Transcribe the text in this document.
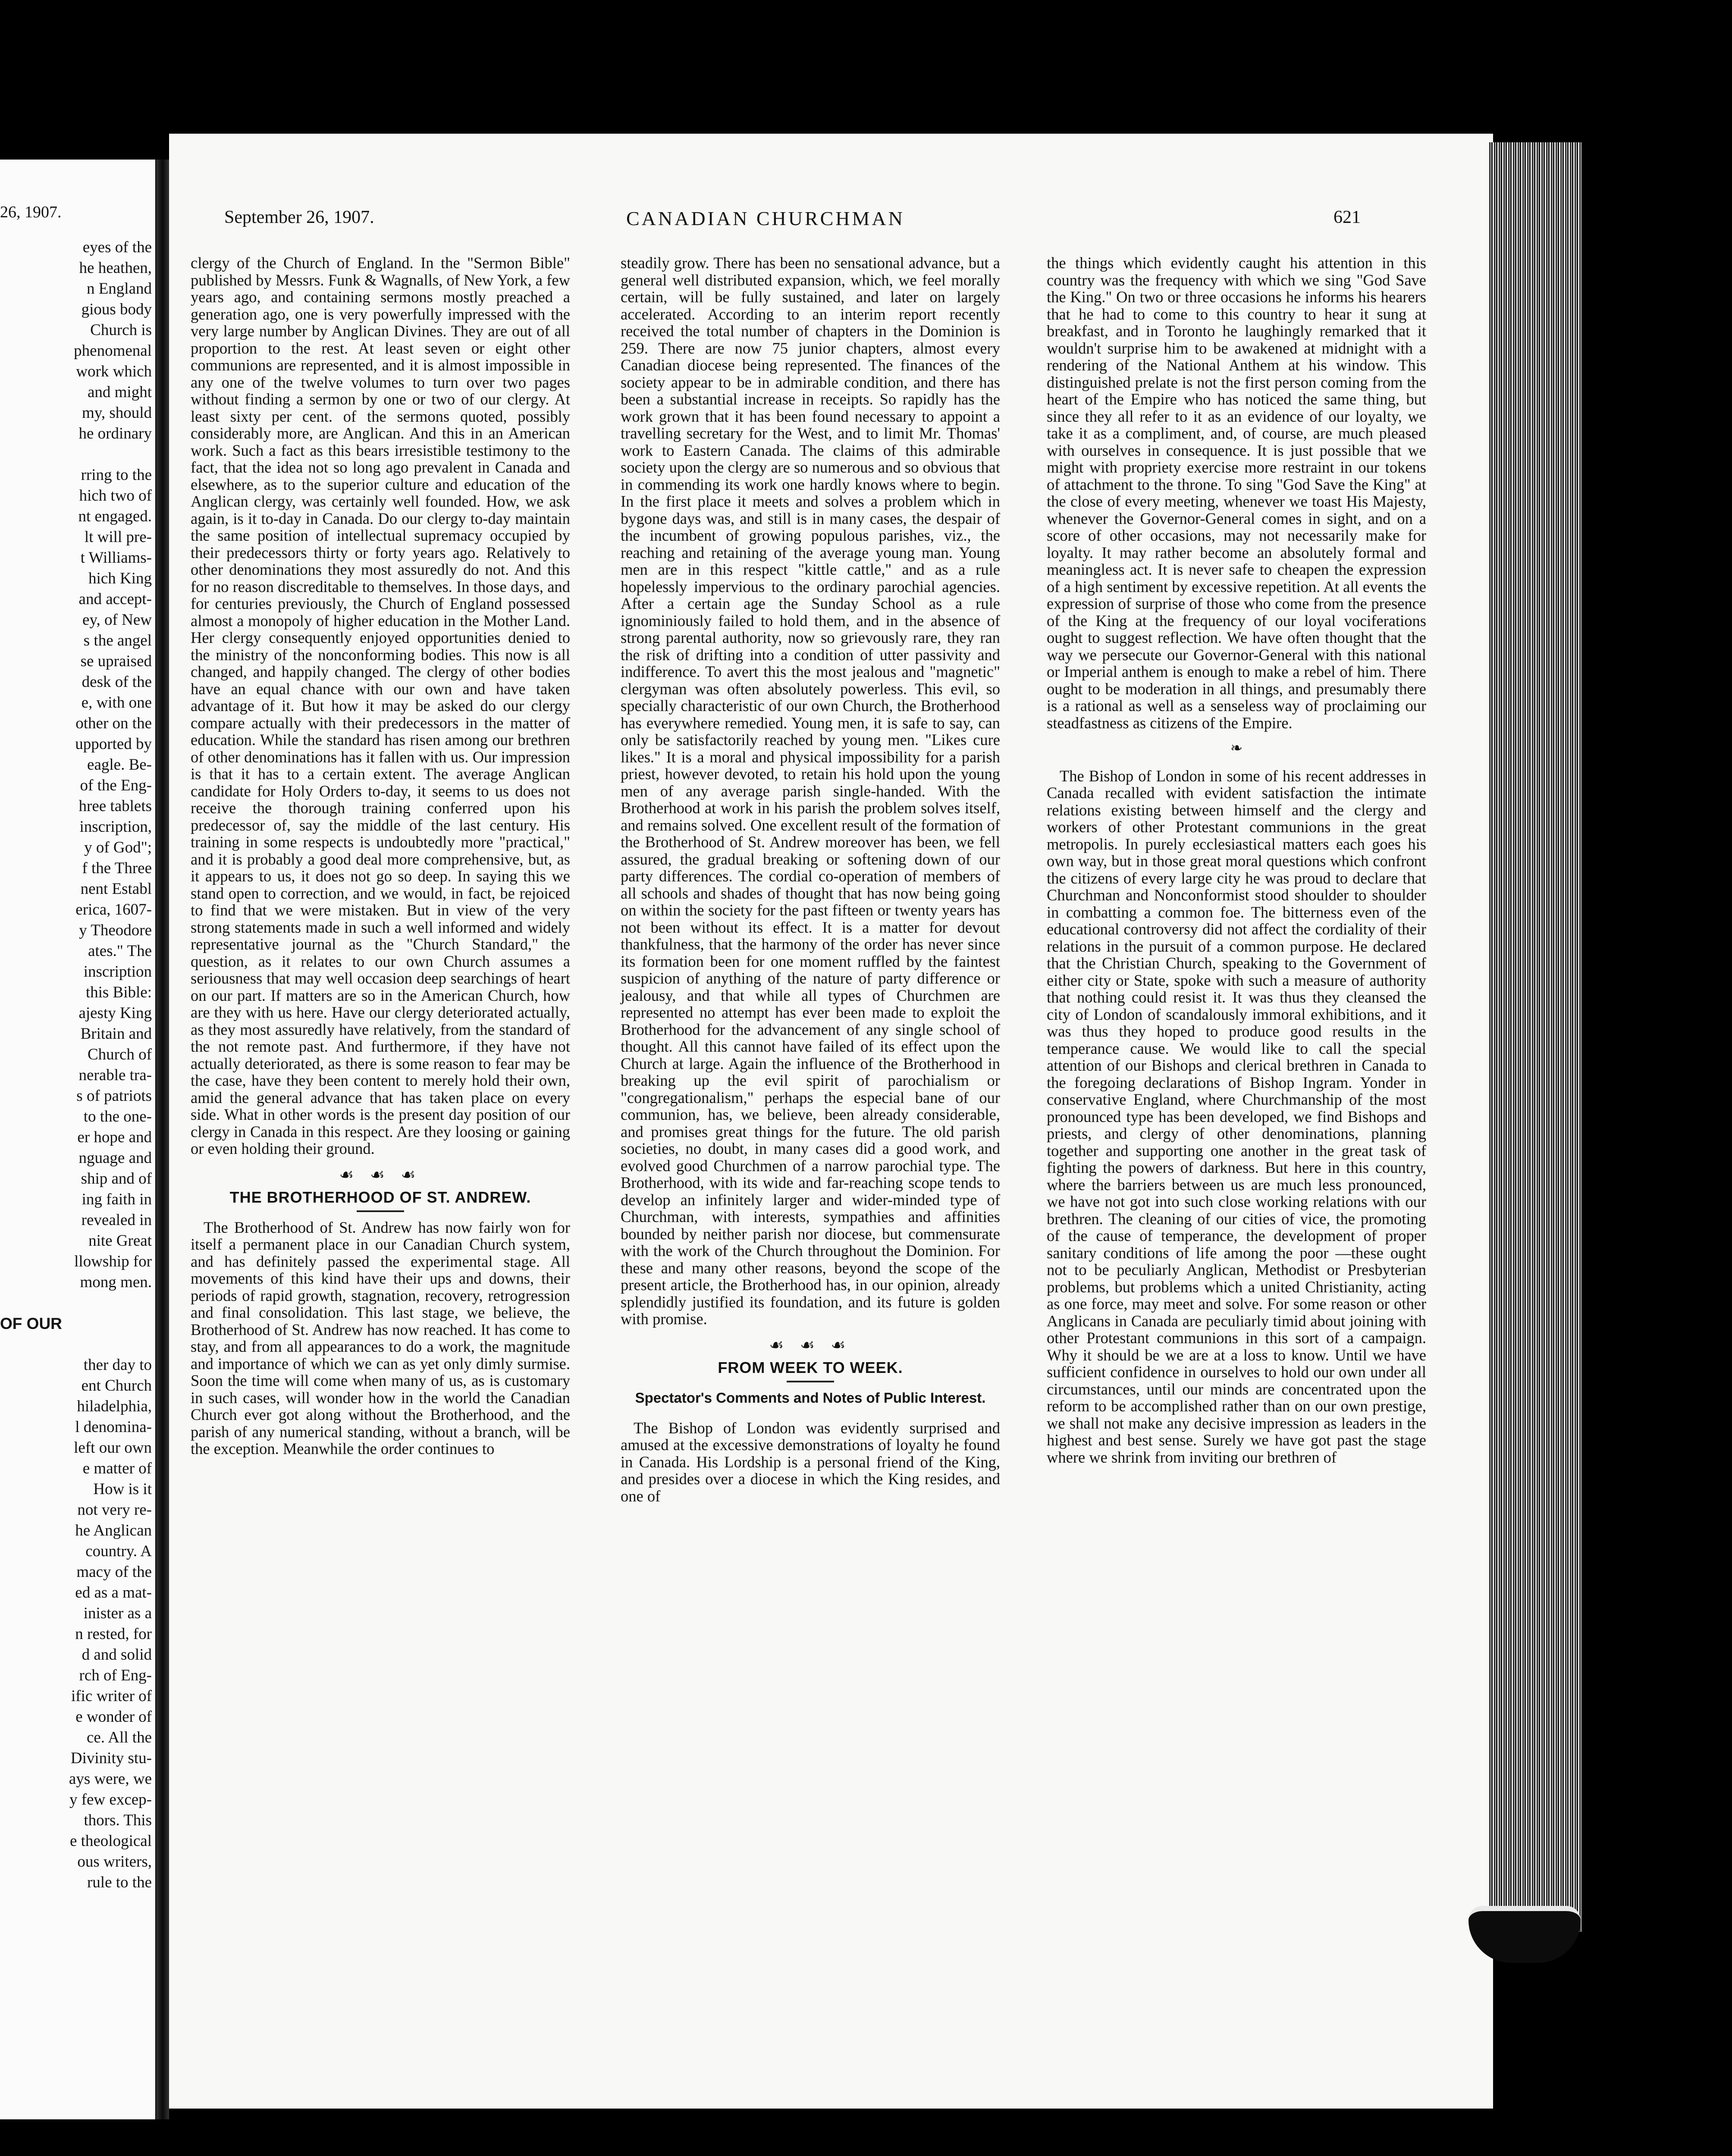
26, 1907.
eyes of the
he heathen,
n England
gious body
Church is
phenomenal
work which
and might
my, should
he ordinary
rring to the
hich two of
nt engaged.
lt will pre-
t Williams-
hich King
and accept-
ey, of New
s the angel
se upraised
desk of the
e, with one
other on the
upported by
eagle. Be-
of the Eng-
hree tablets
inscription,
y of God";
f the Three
nent Establ
erica, 1607-
y Theodore
ates." The
inscription
this Bible:
ajesty King
Britain and
Church of
nerable tra-
s of patriots
to the one-
er hope and
nguage and
ship and of
ing faith in
revealed in
nite Great
llowship for
mong men.
OF OUR
ther day to
ent Church
hiladelphia,
l denomina-
left our own
e matter of
How is it
not very re-
he Anglican
country. A
macy of the
ed as a mat-
inister as a
n rested, for
d and solid
rch of Eng-
ific writer of
e wonder of
ce. All the
Divinity stu-
ays were, we
y few excep-
thors. This
e theological
ous writers,
rule to the
September 26, 1907.	CANADIAN CHURCHMAN	621

clergy of the Church of England. In the "Sermon Bible" published by Messrs. Funk & Wagnalls, of New York, a few years ago, and containing sermons mostly preached a generation ago, one is very powerfully impressed with the very large number by Anglican Divines. They are out of all proportion to the rest. At least seven or eight other communions are represented, and it is almost impossible in any one of the twelve volumes to turn over two pages without finding a sermon by one or two of our clergy. At least sixty per cent. of the sermons quoted, possibly considerably more, are Anglican. And this in an American work. Such a fact as this bears irresistible testimony to the fact, that the idea not so long ago prevalent in Canada and elsewhere, as to the superior culture and education of the Anglican clergy, was certainly well founded. How, we ask again, is it to-day in Canada. Do our clergy to-day maintain the same position of intellectual supremacy occupied by their predecessors thirty or forty years ago. Relatively to other denominations they most assuredly do not. And this for no reason discreditable to themselves. In those days, and for centuries previously, the Church of England possessed almost a monopoly of higher education in the Mother Land. Her clergy consequently enjoyed opportunities denied to the ministry of the nonconforming bodies. This now is all changed, and happily changed. The clergy of other bodies have an equal chance with our own and have taken advantage of it. But how it may be asked do our clergy compare actually with their predecessors in the matter of education. While the standard has risen among our brethren of other denominations has it fallen with us. Our impression is that it has to a certain extent. The average Anglican candidate for Holy Orders to-day, it seems to us does not receive the thorough training conferred upon his predecessor of, say the middle of the last century. His training in some respects is undoubtedly more "practical," and it is probably a good deal more comprehensive, but, as it appears to us, it does not go so deep. In saying this we stand open to correction, and we would, in fact, be rejoiced to find that we were mistaken. But in view of the very strong statements made in such a well informed and widely representative journal as the "Church Standard," the question, as it relates to our own Church assumes a seriousness that may well occasion deep searchings of heart on our part. If matters are so in the American Church, how are they with us here. Have our clergy deteriorated actually, as they most assuredly have relatively, from the standard of the not remote past. And furthermore, if they have not actually deteriorated, as there is some reason to fear may be the case, have they been content to merely hold their own, amid the general advance that has taken place on every side. What in other words is the present day position of our clergy in Canada in this respect. Are they loosing or gaining or even holding their ground.

☙ ☙ ☙
THE BROTHERHOOD OF ST. ANDREW.

The Brotherhood of St. Andrew has now fairly won for itself a permanent place in our Canadian Church system, and has definitely passed the experimental stage. All movements of this kind have their ups and downs, their periods of rapid growth, stagnation, recovery, retrogression and final consolidation. This last stage, we believe, the Brotherhood of St. Andrew has now reached. It has come to stay, and from all appearances to do a work, the magnitude and importance of which we can as yet only dimly surmise. Soon the time will come when many of us, as is customary in such cases, will wonder how in the world the Canadian Church ever got along without the Brotherhood, and the parish of any numerical standing, without a branch, will be the exception. Meanwhile the order continues to

steadily grow. There has been no sensational advance, but a general well distributed expansion, which, we feel morally certain, will be fully sustained, and later on largely accelerated. According to an interim report recently received the total number of chapters in the Dominion is 259. There are now 75 junior chapters, almost every Canadian diocese being represented. The finances of the society appear to be in admirable condition, and there has been a substantial increase in receipts. So rapidly has the work grown that it has been found necessary to appoint a travelling secretary for the West, and to limit Mr. Thomas' work to Eastern Canada. The claims of this admirable society upon the clergy are so numerous and so obvious that in commending its work one hardly knows where to begin. In the first place it meets and solves a problem which in bygone days was, and still is in many cases, the despair of the incumbent of growing populous parishes, viz., the reaching and retaining of the average young man. Young men are in this respect "kittle cattle," and as a rule hopelessly impervious to the ordinary parochial agencies. After a certain age the Sunday School as a rule ignominiously failed to hold them, and in the absence of strong parental authority, now so grievously rare, they ran the risk of drifting into a condition of utter passivity and indifference. To avert this the most jealous and "magnetic" clergyman was often absolutely powerless. This evil, so specially characteristic of our own Church, the Brotherhood has everywhere remedied. Young men, it is safe to say, can only be satisfactorily reached by young men. "Likes cure likes." It is a moral and physical impossibility for a parish priest, however devoted, to retain his hold upon the young men of any average parish single-handed. With the Brotherhood at work in his parish the problem solves itself, and remains solved. One excellent result of the formation of the Brotherhood of St. Andrew moreover has been, we fell assured, the gradual breaking or softening down of our party differences. The cordial co-operation of members of all schools and shades of thought that has now being going on within the society for the past fifteen or twenty years has not been without its effect. It is a matter for devout thankfulness, that the harmony of the order has never since its formation been for one moment ruffled by the faintest suspicion of anything of the nature of party difference or jealousy, and that while all types of Churchmen are represented no attempt has ever been made to exploit the Brotherhood for the advancement of any single school of thought. All this cannot have failed of its effect upon the Church at large. Again the influence of the Brotherhood in breaking up the evil spirit of parochialism or "congregationalism," perhaps the especial bane of our communion, has, we believe, been already considerable, and promises great things for the future. The old parish societies, no doubt, in many cases did a good work, and evolved good Churchmen of a narrow parochial type. The Brotherhood, with its wide and far-reaching scope tends to develop an infinitely larger and wider-minded type of Churchman, with interests, sympathies and affinities bounded by neither parish nor diocese, but commensurate with the work of the Church throughout the Dominion. For these and many other reasons, beyond the scope of the present article, the Brotherhood has, in our opinion, already splendidly justified its foundation, and its future is golden with promise.

☙ ☙ ☙
FROM WEEK TO WEEK.
Spectator's Comments and Notes of Public Interest.

The Bishop of London was evidently surprised and amused at the excessive demonstrations of loyalty he found in Canada. His Lordship is a personal friend of the King, and presides over a diocese in which the King resides, and one of

the things which evidently caught his attention in this country was the frequency with which we sing "God Save the King." On two or three occasions he informs his hearers that he had to come to this country to hear it sung at breakfast, and in Toronto he laughingly remarked that it wouldn't surprise him to be awakened at midnight with a rendering of the National Anthem at his window. This distinguished prelate is not the first person coming from the heart of the Empire who has noticed the same thing, but since they all refer to it as an evidence of our loyalty, we take it as a compliment, and, of course, are much pleased with ourselves in consequence. It is just possible that we might with propriety exercise more restraint in our tokens of attachment to the throne. To sing "God Save the King" at the close of every meeting, whenever we toast His Majesty, whenever the Governor-General comes in sight, and on a score of other occasions, may not necessarily make for loyalty. It may rather become an absolutely formal and meaningless act. It is never safe to cheapen the expression of a high sentiment by excessive repetition. At all events the expression of surprise of those who come from the presence of the King at the frequency of our loyal vociferations ought to suggest reflection. We have often thought that the way we persecute our Governor-General with this national or Imperial anthem is enough to make a rebel of him. There ought to be moderation in all things, and presumably there is a rational as well as a senseless way of proclaiming our steadfastness as citizens of the Empire.

❧

The Bishop of London in some of his recent addresses in Canada recalled with evident satisfaction the intimate relations existing between himself and the clergy and workers of other Protestant communions in the great metropolis. In purely ecclesiastical matters each goes his own way, but in those great moral questions which confront the citizens of every large city he was proud to declare that Churchman and Nonconformist stood shoulder to shoulder in combatting a common foe. The bitterness even of the educational controversy did not affect the cordiality of their relations in the pursuit of a common purpose. He declared that the Christian Church, speaking to the Government of either city or State, spoke with such a measure of authority that nothing could resist it. It was thus they cleansed the city of London of scandalously immoral exhibitions, and it was thus they hoped to produce good results in the temperance cause. We would like to call the special attention of our Bishops and clerical brethren in Canada to the foregoing declarations of Bishop Ingram. Yonder in conservative England, where Churchmanship of the most pronounced type has been developed, we find Bishops and priests, and clergy of other denominations, planning together and supporting one another in the great task of fighting the powers of darkness. But here in this country, where the barriers between us are much less pronounced, we have not got into such close working relations with our brethren. The cleaning of our cities of vice, the promoting of the cause of temperance, the development of proper sanitary conditions of life among the poor —these ought not to be peculiarly Anglican, Methodist or Presbyterian problems, but problems which a united Christianity, acting as one force, may meet and solve. For some reason or other Anglicans in Canada are peculiarly timid about joining with other Protestant communions in this sort of a campaign. Why it should be we are at a loss to know. Until we have sufficient confidence in ourselves to hold our own under all circumstances, until our minds are concentrated upon the reform to be accomplished rather than on our own prestige, we shall not make any decisive impression as leaders in the highest and best sense. Surely we have got past the stage where we shrink from inviting our brethren of
